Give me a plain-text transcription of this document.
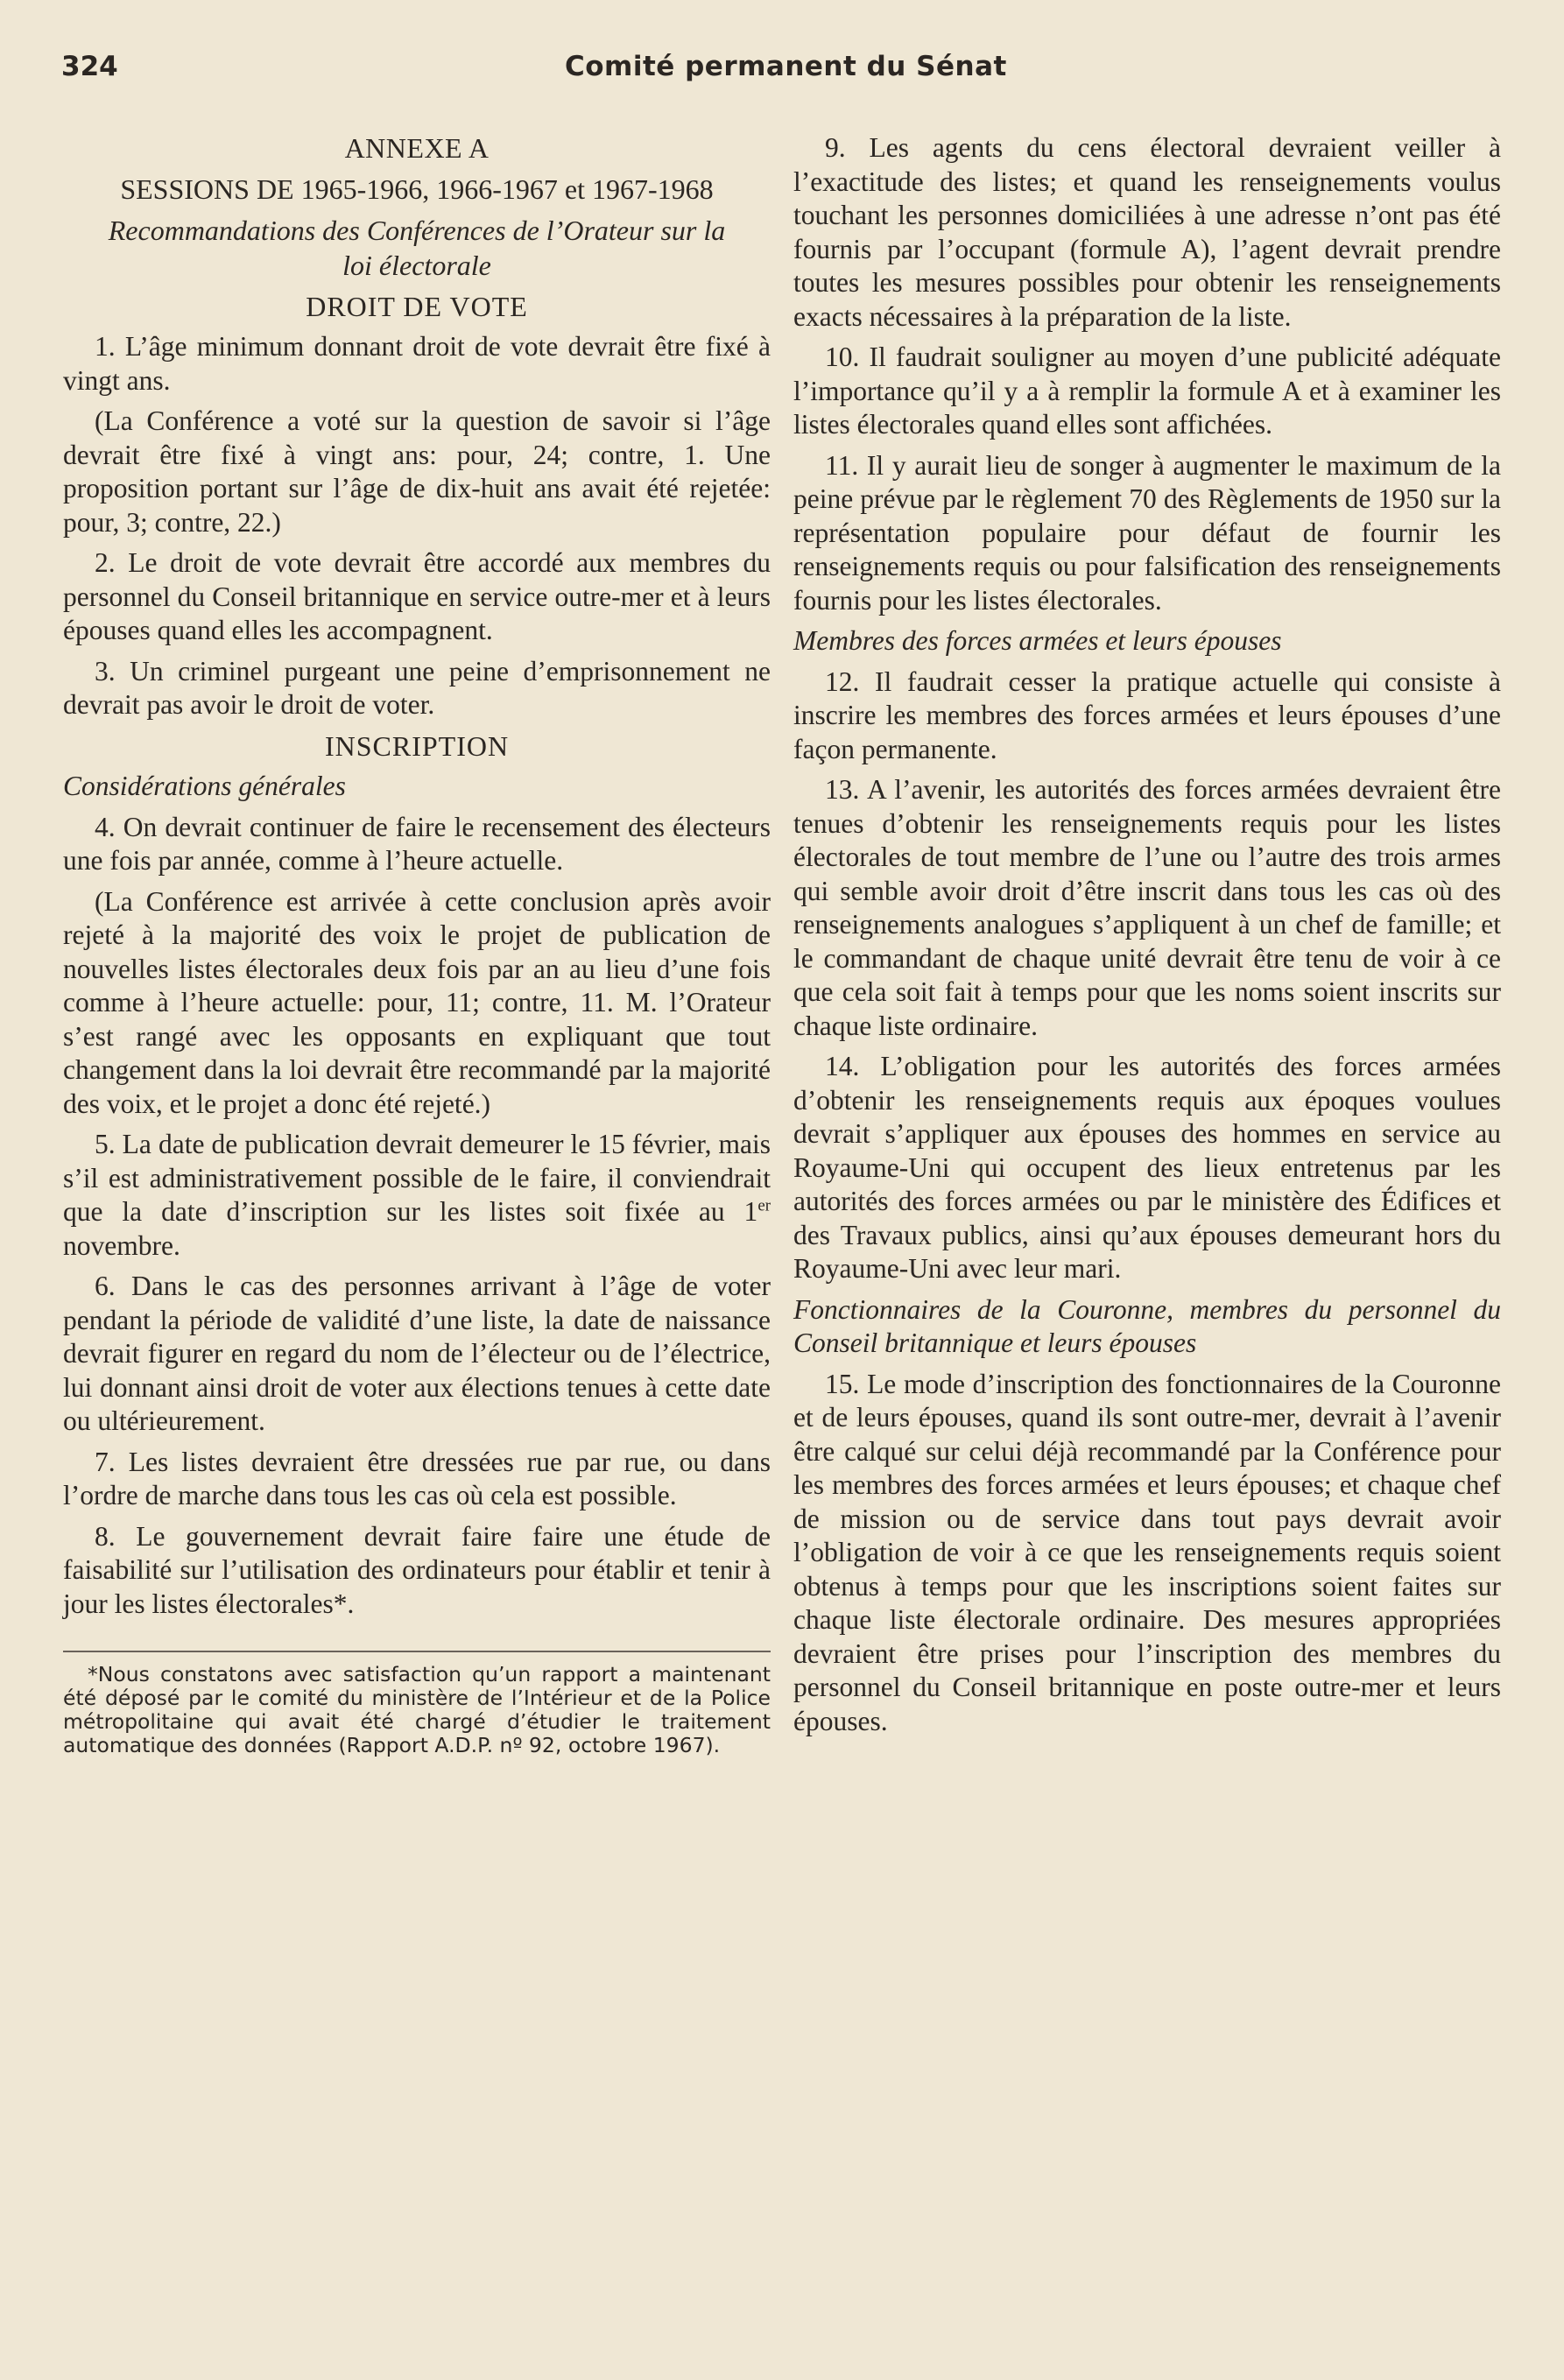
324	Comité permanent du Sénat

ANNEXE A

SESSIONS DE 1965-1966, 1966-1967 et 1967-1968

Recommandations des Conférences de l’Orateur sur la loi électorale

DROIT DE VOTE

1. L’âge minimum donnant droit de vote devrait être fixé à vingt ans.

(La Conférence a voté sur la question de savoir si l’âge devrait être fixé à vingt ans: pour, 24; contre, 1. Une proposition portant sur l’âge de dix-huit ans avait été rejetée: pour, 3; contre, 22.)

2. Le droit de vote devrait être accordé aux membres du personnel du Conseil britannique en service outre-mer et à leurs épouses quand elles les accompagnent.

3. Un criminel purgeant une peine d’emprisonnement ne devrait pas avoir le droit de voter.

INSCRIPTION

Considérations générales

4. On devrait continuer de faire le recensement des électeurs une fois par année, comme à l’heure actuelle.

(La Conférence est arrivée à cette conclusion après avoir rejeté à la majorité des voix le projet de publication de nouvelles listes électorales deux fois par an au lieu d’une fois comme à l’heure actuelle: pour, 11; contre, 11. M. l’Orateur s’est rangé avec les opposants en expliquant que tout changement dans la loi devrait être recommandé par la majorité des voix, et le projet a donc été rejeté.)

5. La date de publication devrait demeurer le 15 février, mais s’il est administrativement possible de le faire, il conviendrait que la date d’inscription sur les listes soit fixée au 1er novembre.

6. Dans le cas des personnes arrivant à l’âge de voter pendant la période de validité d’une liste, la date de naissance devrait figurer en regard du nom de l’électeur ou de l’électrice, lui donnant ainsi droit de voter aux élections tenues à cette date ou ultérieurement.

7. Les listes devraient être dressées rue par rue, ou dans l’ordre de marche dans tous les cas où cela est possible.

8. Le gouvernement devrait faire faire une étude de faisabilité sur l’utilisation des ordinateurs pour établir et tenir à jour les listes électorales*.

*Nous constatons avec satisfaction qu’un rapport a maintenant été déposé par le comité du ministère de l’Intérieur et de la Police métropolitaine qui avait été chargé d’étudier le traitement automatique des données (Rapport A.D.P. nº 92, octobre 1967).

9. Les agents du cens électoral devraient veiller à l’exactitude des listes; et quand les renseignements voulus touchant les personnes domiciliées à une adresse n’ont pas été fournis par l’occupant (formule A), l’agent devrait prendre toutes les mesures possibles pour obtenir les renseignements exacts nécessaires à la préparation de la liste.

10. Il faudrait souligner au moyen d’une publicité adéquate l’importance qu’il y a à remplir la formule A et à examiner les listes électorales quand elles sont affichées.

11. Il y aurait lieu de songer à augmenter le maximum de la peine prévue par le règlement 70 des Règlements de 1950 sur la représentation populaire pour défaut de fournir les renseignements requis ou pour falsification des renseignements fournis pour les listes électorales.

Membres des forces armées et leurs épouses

12. Il faudrait cesser la pratique actuelle qui consiste à inscrire les membres des forces armées et leurs épouses d’une façon permanente.

13. A l’avenir, les autorités des forces armées devraient être tenues d’obtenir les renseignements requis pour les listes électorales de tout membre de l’une ou l’autre des trois armes qui semble avoir droit d’être inscrit dans tous les cas où des renseignements analogues s’appliquent à un chef de famille; et le commandant de chaque unité devrait être tenu de voir à ce que cela soit fait à temps pour que les noms soient inscrits sur chaque liste ordinaire.

14. L’obligation pour les autorités des forces armées d’obtenir les renseignements requis aux époques voulues devrait s’appliquer aux épouses des hommes en service au Royaume-Uni qui occupent des lieux entretenus par les autorités des forces armées ou par le ministère des Édifices et des Travaux publics, ainsi qu’aux épouses demeurant hors du Royaume-Uni avec leur mari.

Fonctionnaires de la Couronne, membres du personnel du Conseil britannique et leurs épouses

15. Le mode d’inscription des fonctionnaires de la Couronne et de leurs épouses, quand ils sont outre-mer, devrait à l’avenir être calqué sur celui déjà recommandé par la Conférence pour les membres des forces armées et leurs épouses; et chaque chef de mission ou de service dans tout pays devrait avoir l’obligation de voir à ce que les renseignements requis soient obtenus à temps pour que les inscriptions soient faites sur chaque liste électorale ordinaire. Des mesures appropriées devraient être prises pour l’inscription des membres du personnel du Conseil britannique en poste outre-mer et leurs épouses.
